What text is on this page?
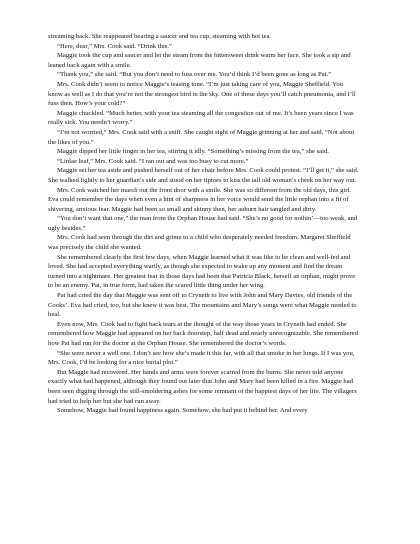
streaming back. She reappeared bearing a saucer and tea cup, steaming with hot tea.

“Here, dear,” Mrs. Cook said. “Drink this.”

Maggie took the cup and saucer and let the steam from the bittersweet drink warm her face. She took a sip and leaned back again with a smile.

“Thank you,” she said. “But you don’t need to fuss over me. You’d think I’d been gone as long as Pat.”

Mrs. Cook didn’t seem to notice Maggie’s teasing tone. “I’m just taking care of you, Maggie Sheffield. You know as well as I do that you’re not the strongest bird in the sky. One of these days you’ll catch pneumonia, and I’ll fuss then. How’s your cold?”

Maggie chuckled. “Much better, with your tea steaming all the congestion out of me. It’s been years since I was really sick. You needn’t worry.”

“I’m not worried,” Mrs. Cook said with a sniff. She caught sight of Maggie grinning at her and said, “Not about the likes of you.”

Maggie dipped her little finger in her tea, stirring it idly. “Something’s missing from the tea,” she said.

“Linlae leaf,” Mrs. Cook said. “I ran out and was too busy to cut more.”

Maggie set her tea aside and pushed herself out of her chair before Mrs. Cook could protest. “I’ll get it,” she said. She walked lightly to her guardian’s side and stood on her tiptoes to kiss the tall old woman’s cheek on her way out.

Mrs. Cook watched her march out the front door with a smile. She was so different from the old days, this girl. Eva could remember the days when even a hint of sharpness in her voice would send the little orphan into a fit of shivering, anxious fear. Maggie had been so small and skinny then, her auburn hair tangled and dirty.

“You don’t want that one,” the man from the Orphan House had said. “She’s no good for nothin’—too weak, and ugly besides.”

Mrs. Cook had seen through the dirt and grime to a child who desperately needed freedom. Margaret Sheffield was precisely the child she wanted.

She remembered clearly the first few days, when Maggie learned what it was like to be clean and well-fed and loved. She had accepted everything warily, as though she expected to wake up any moment and find the dream turned into a nightmare. Her greatest fear in those days had been that Patricia Black, herself an orphan, might prove to be an enemy. Pat, in true form, had taken the scared little thing under her wing.

Pat had cried the day that Maggie was sent off to Cryneth to live with John and Mary Davies, old friends of the Cooks’. Eva had cried, too, but she knew it was best. The mountains and Mary’s songs were what Maggie needed to heal.

Even now, Mrs. Cook had to fight back tears at the thought of the way those years in Cryneth had ended. She remembered how Maggie had appeared on her back doorstep, half dead and nearly unrecognizable. She remembered how Pat had run for the doctor at the Orphan House. She remembered the doctor’s words.

“She were never a well one. I don’t see how she’s made it this far, with all that smoke in her lungs. If I was you, Mrs. Cook, I’d be looking for a nice burial plot.”

But Maggie had recovered. Her hands and arms were forever scarred from the burns. She never told anyone exactly what had happened, although they found out later that John and Mary had been killed in a fire. Maggie had been seen digging through the still-smoldering ashes for some remnant of the happiest days of her life. The villagers had tried to help her but she had run away.

Somehow, Maggie had found happiness again. Somehow, she had put it behind her. And every
